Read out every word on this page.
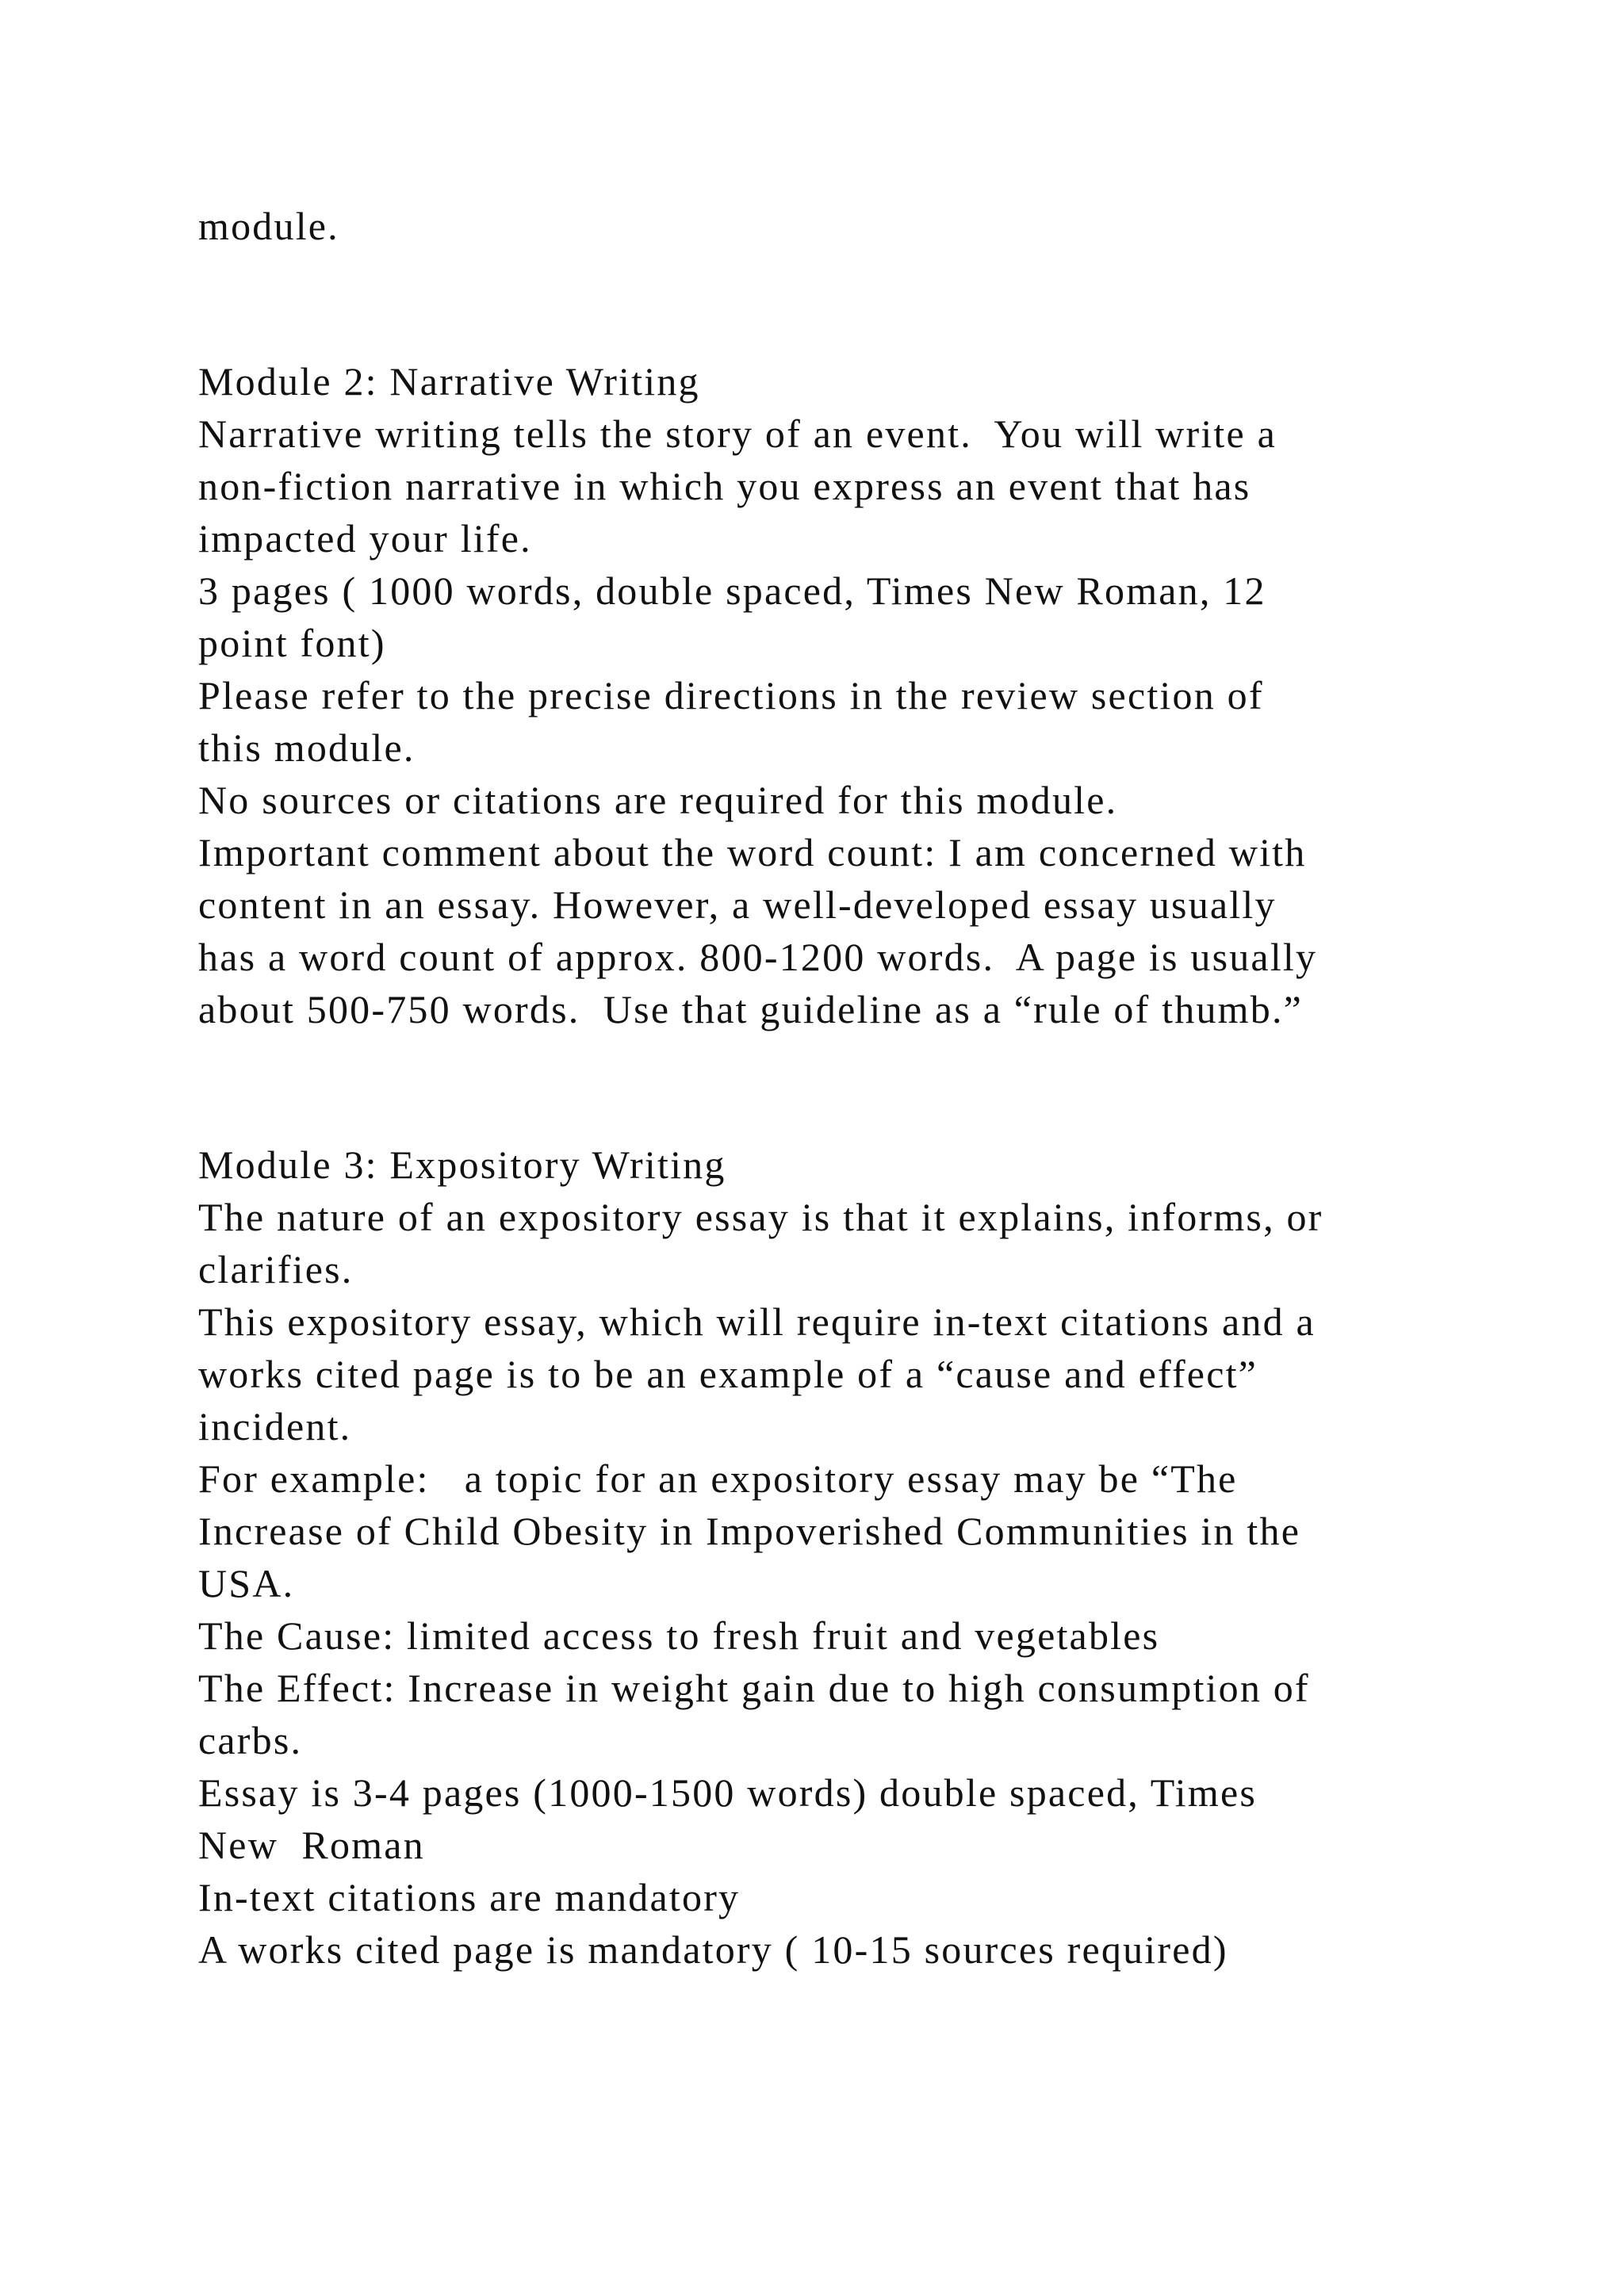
module.

Module 2: Narrative Writing

Narrative writing tells the story of an event.  You will write a

non-fiction narrative in which you express an event that has

impacted your life.

3 pages ( 1000 words, double spaced, Times New Roman, 12

point font)

Please refer to the precise directions in the review section of

this module.

No sources or citations are required for this module.

Important comment about the word count: I am concerned with

content in an essay. However, a well-developed essay usually

has a word count of approx. 800-1200 words.  A page is usually

about 500-750 words.  Use that guideline as a “rule of thumb.”

Module 3: Expository Writing

The nature of an expository essay is that it explains, informs, or

clarifies.

This expository essay, which will require in-text citations and a

works cited page is to be an example of a “cause and effect”

incident.

For example:   a topic for an expository essay may be “The

Increase of Child Obesity in Impoverished Communities in the

USA.

The Cause: limited access to fresh fruit and vegetables

The Effect: Increase in weight gain due to high consumption of

carbs.

Essay is 3-4 pages (1000-1500 words) double spaced, Times

New  Roman

In-text citations are mandatory

A works cited page is mandatory ( 10-15 sources required)
